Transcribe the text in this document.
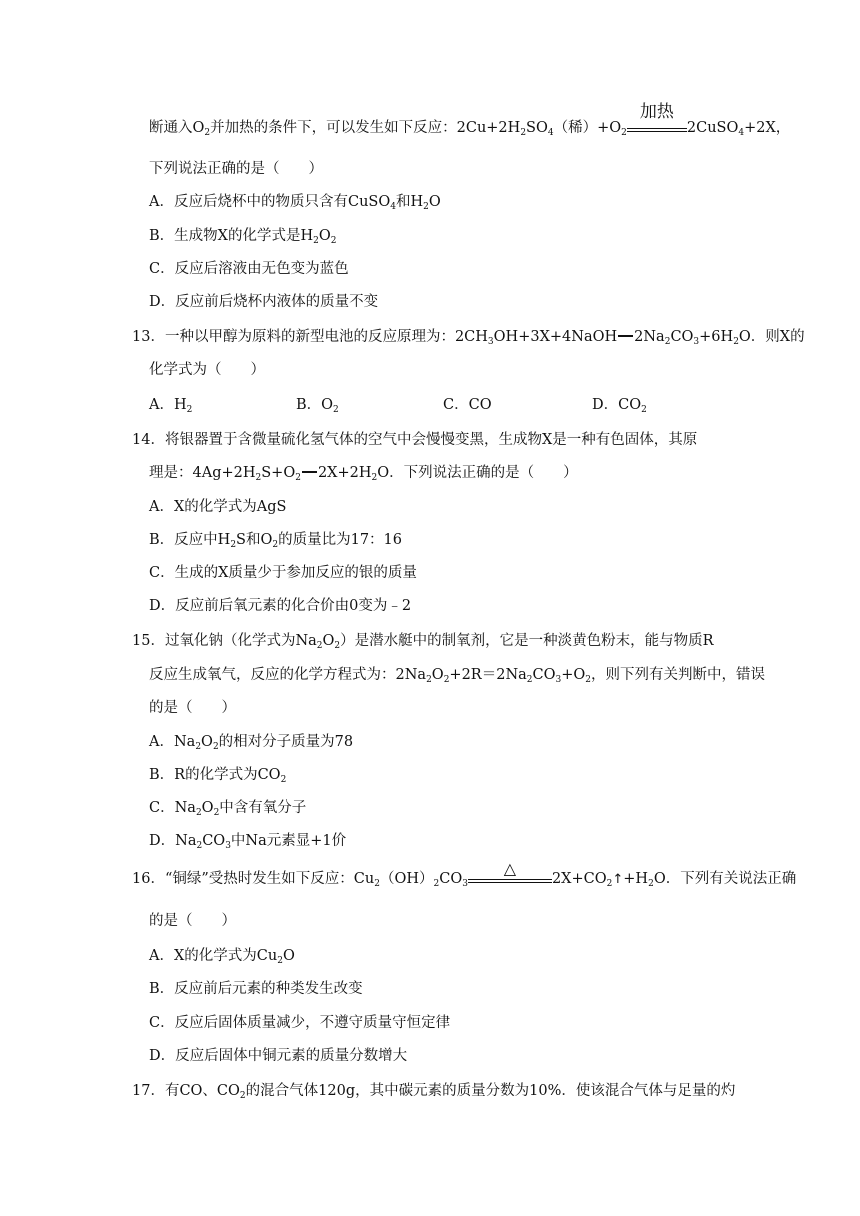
断通入$O_2$并加热的条件下，可以发生如下反应：$2Cu+2H_2SO_4$（稀）$+O_2$
加热
2CuSO$_4$+2X，
下列说法正确的是（　　）
A．反应后烧杯中的物质只含有CuSO$_4$和$H_2O$
B．生成物X的化学式是$H_2O_2$
C．反应后溶液由无色变为蓝色
D．反应前后烧杯内液体的质量不变
13．一种以甲醇为原料的新型电池的反应原理为：$2CH_3OH+3X+4NaOH$ $2Na_2CO_3+6H_2O$．则X的
化学式为（　　）
A．$H_2$	B．$O_2$	C．CO	D．$CO_2$
14．将银器置于含微量硫化氢气体的空气中会慢慢变黑，生成物X是一种有色固体，其原
理是：$4Ag+2H_2S+O_2$ $2X+2H_2O$．下列说法正确的是（　　）
A．X的化学式为AgS
B．反应中$H_2S$和$O_2$的质量比为17：16
C．生成的X质量少于参加反应的银的质量
D．反应前后氧元素的化合价由0变为﹣2
15．过氧化钠（化学式为$Na_2O_2$）是潜水艇中的制氧剂，它是一种淡黄色粉末，能与物质R
反应生成氧气，反应的化学方程式为：$2Na_2O_2+2R=2Na_2CO_3+O_2$，则下列有关判断中，错误
的是（　　）
A．$Na_2O_2$的相对分子质量为78
B．R的化学式为$CO_2$
C．$Na_2O_2$中含有氧分子
D．$Na_2CO_3$中Na元素显+1价
16．“铜绿”受热时发生如下反应：$Cu_2(OH)_2CO_3$
△
$2X+CO_2↑+H_2O$．下列有关说法正确
的是（　　）
A．X的化学式为$Cu_2O$
B．反应前后元素的种类发生改变
C．反应后固体质量减少，不遵守质量守恒定律
D．反应后固体中铜元素的质量分数增大
17．有CO、$CO_2$的混合气体120g，其中碳元素的质量分数为10%．使该混合气体与足量的灼
